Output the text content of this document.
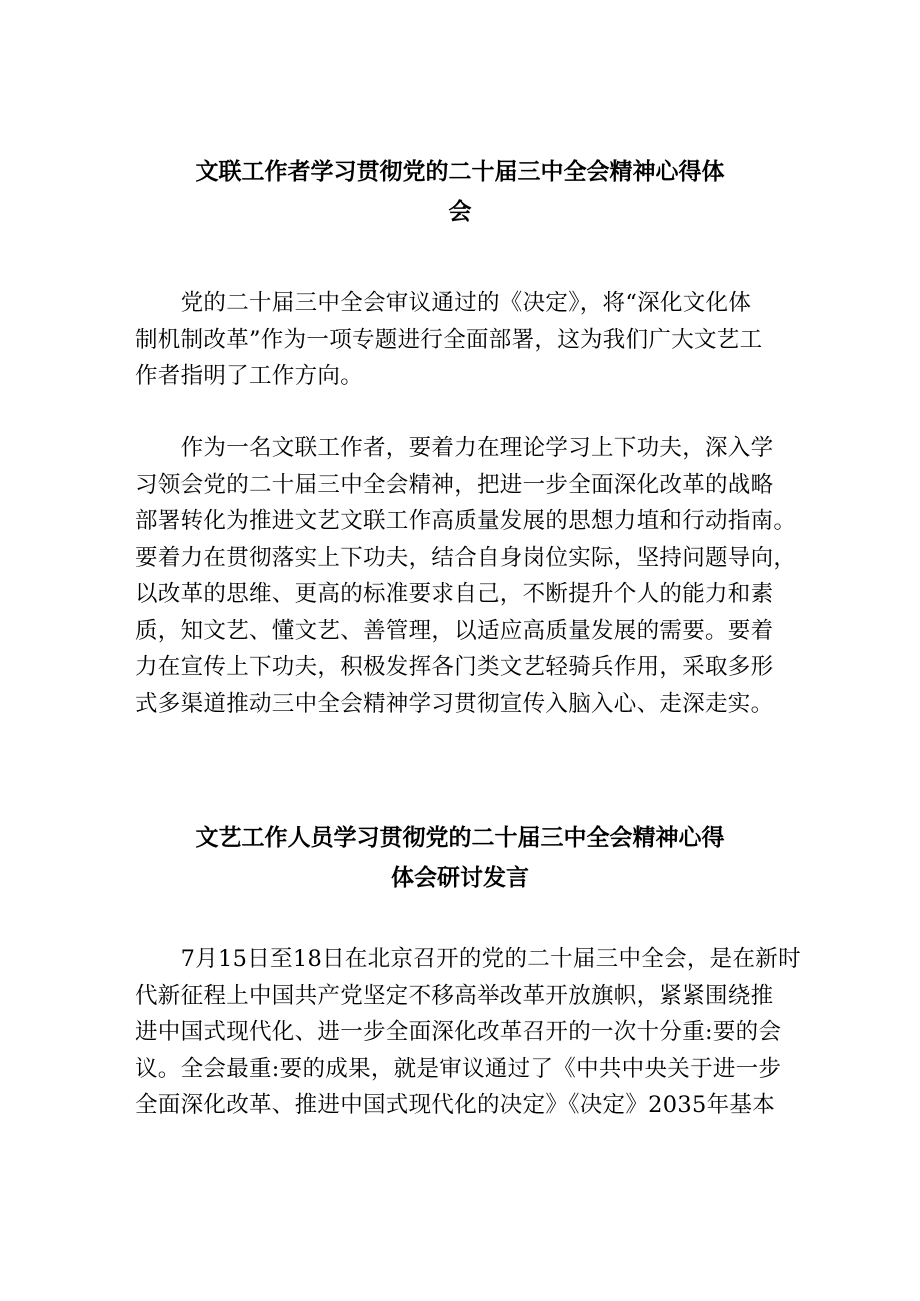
文联工作者学习贯彻党的二十届三中全会精神心得体
会

　　党的二十届三中全会审议通过的《决定》，将“深化文化体
制机制改革”作为一项专题进行全面部署，这为我们广大文艺工
作者指明了工作方向。

　　作为一名文联工作者，要着力在理论学习上下功夫，深入学
习领会党的二十届三中全会精神，把进一步全面深化改革的战略
部署转化为推进文艺文联工作高质量发展的思想力埴和行动指南。
要着力在贯彻落实上下功夫，结合自身岗位实际，坚持问题导向，
以改革的思维、更高的标准要求自己，不断提升个人的能力和素
质，知文艺、懂文艺、善管理，以适应高质量发展的需要。要着
力在宣传上下功夫，积极发挥各门类文艺轻骑兵作用，采取多形
式多渠道推动三中全会精神学习贯彻宣传入脑入心、走深走实。

文艺工作人员学习贯彻党的二十届三中全会精神心得
体会研讨发言

　　7月15日至18日在北京召开的党的二十届三中全会，是在新时
代新征程上中国共产党坚定不移高举改革开放旗帜，紧紧围绕推
进中国式现代化、进一步全面深化改革召开的一次十分重:要的会
议。全会最重:要的成果，就是审议通过了《中共中央关于进一步
全面深化改革、推进中国式现代化的决定》《决定》2035年基本
